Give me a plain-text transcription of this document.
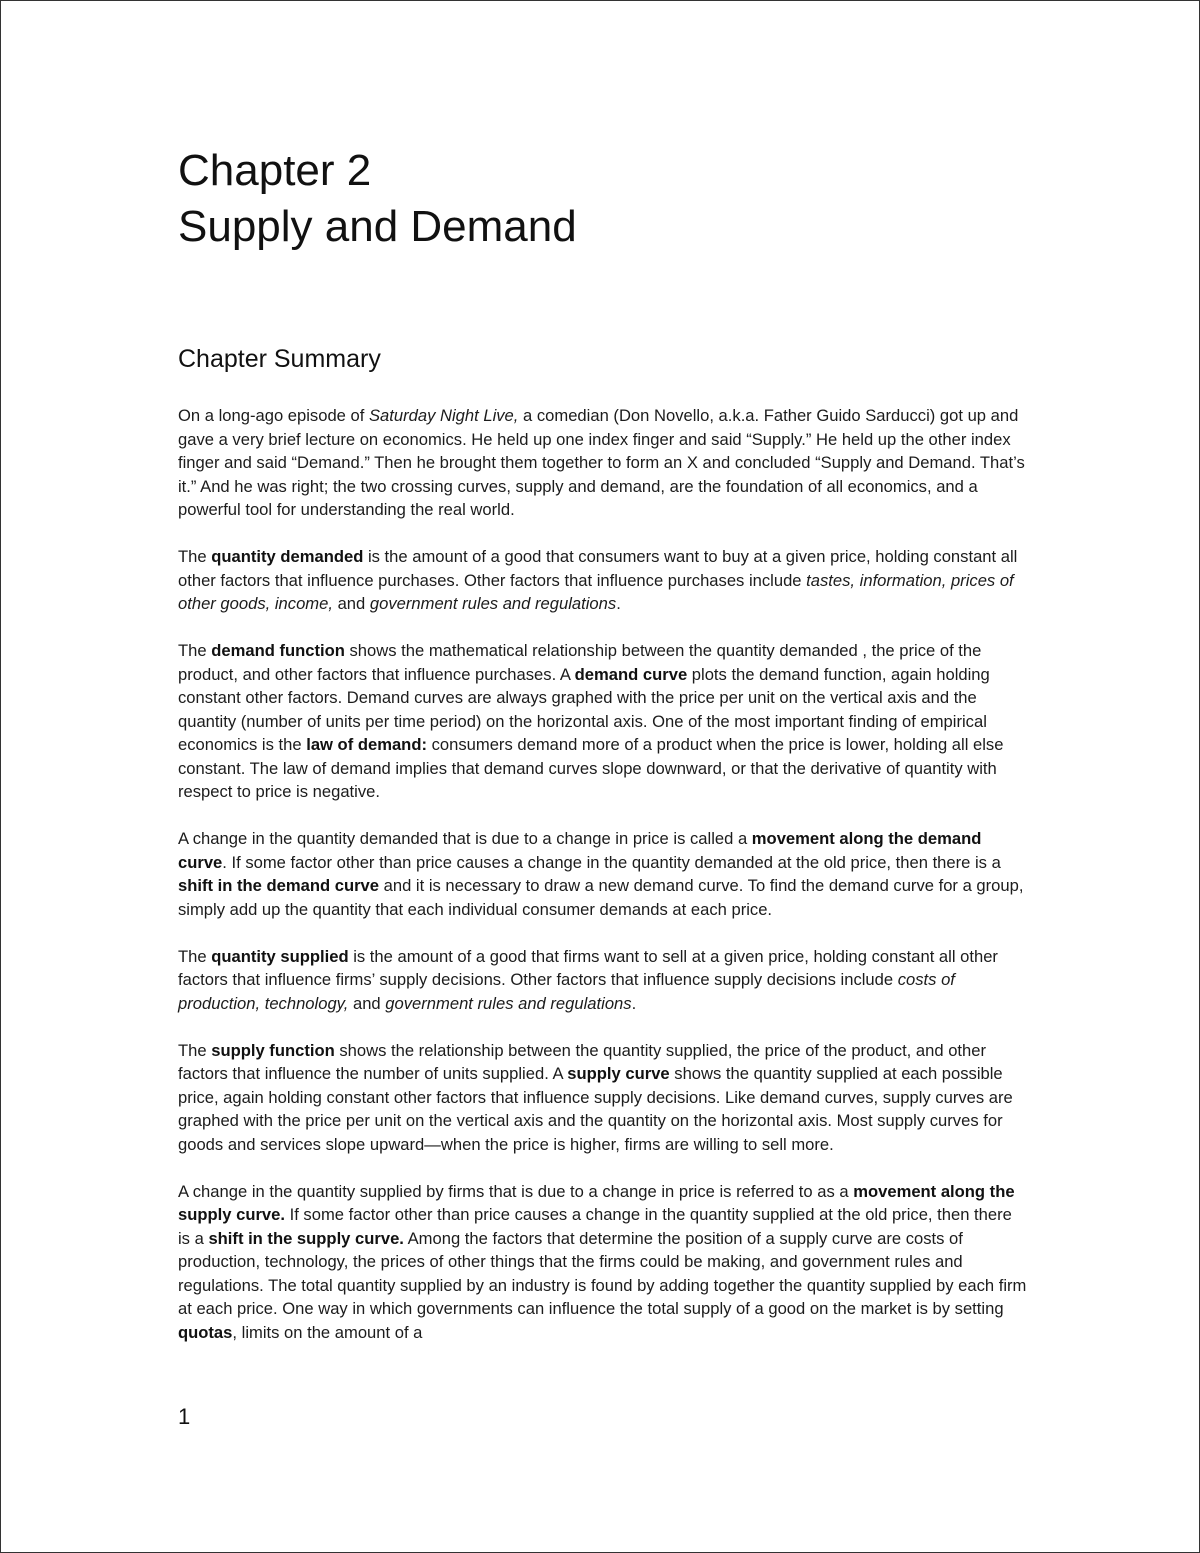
Chapter 2
Supply and Demand
Chapter Summary

On a long-ago episode of Saturday Night Live, a comedian (Don Novello, a.k.a. Father Guido Sarducci) got up and gave a very brief lecture on economics. He held up one index finger and said “Supply.” He held up the other index finger and said “Demand.” Then he brought them together to form an X and concluded “Supply and Demand. That’s it.” And he was right; the two crossing curves, supply and demand, are the foundation of all economics, and a powerful tool for understanding the real world.

The quantity demanded is the amount of a good that consumers want to buy at a given price, holding constant all other factors that influence purchases. Other factors that influence purchases include tastes, information, prices of other goods, income, and government rules and regulations.

The demand function shows the mathematical relationship between the quantity demanded , the price of the product, and other factors that influence purchases. A demand curve plots the demand function, again holding constant other factors. Demand curves are always graphed with the price per unit on the vertical axis and the quantity (number of units per time period) on the horizontal axis. One of the most important finding of empirical economics is the law of demand: consumers demand more of a product when the price is lower, holding all else constant. The law of demand implies that demand curves slope downward, or that the derivative of quantity with respect to price is negative.

A change in the quantity demanded that is due to a change in price is called a movement along the demand curve. If some factor other than price causes a change in the quantity demanded at the old price, then there is a shift in the demand curve and it is necessary to draw a new demand curve. To find the demand curve for a group, simply add up the quantity that each individual consumer demands at each price.

The quantity supplied is the amount of a good that firms want to sell at a given price, holding constant all other factors that influence firms’ supply decisions. Other factors that influence supply decisions include costs of production, technology, and government rules and regulations.

The supply function shows the relationship between the quantity supplied, the price of the product, and other factors that influence the number of units supplied. A supply curve shows the quantity supplied at each possible price, again holding constant other factors that influence supply decisions. Like demand curves, supply curves are graphed with the price per unit on the vertical axis and the quantity on the horizontal axis. Most supply curves for goods and services slope upward—when the price is higher, firms are willing to sell more.

A change in the quantity supplied by firms that is due to a change in price is referred to as a movement along the supply curve. If some factor other than price causes a change in the quantity supplied at the old price, then there is a shift in the supply curve. Among the factors that determine the position of a supply curve are costs of production, technology, the prices of other things that the firms could be making, and government rules and regulations. The total quantity supplied by an industry is found by adding together the quantity supplied by each firm at each price. One way in which governments can influence the total supply of a good on the market is by setting quotas, limits on the amount of a

1
